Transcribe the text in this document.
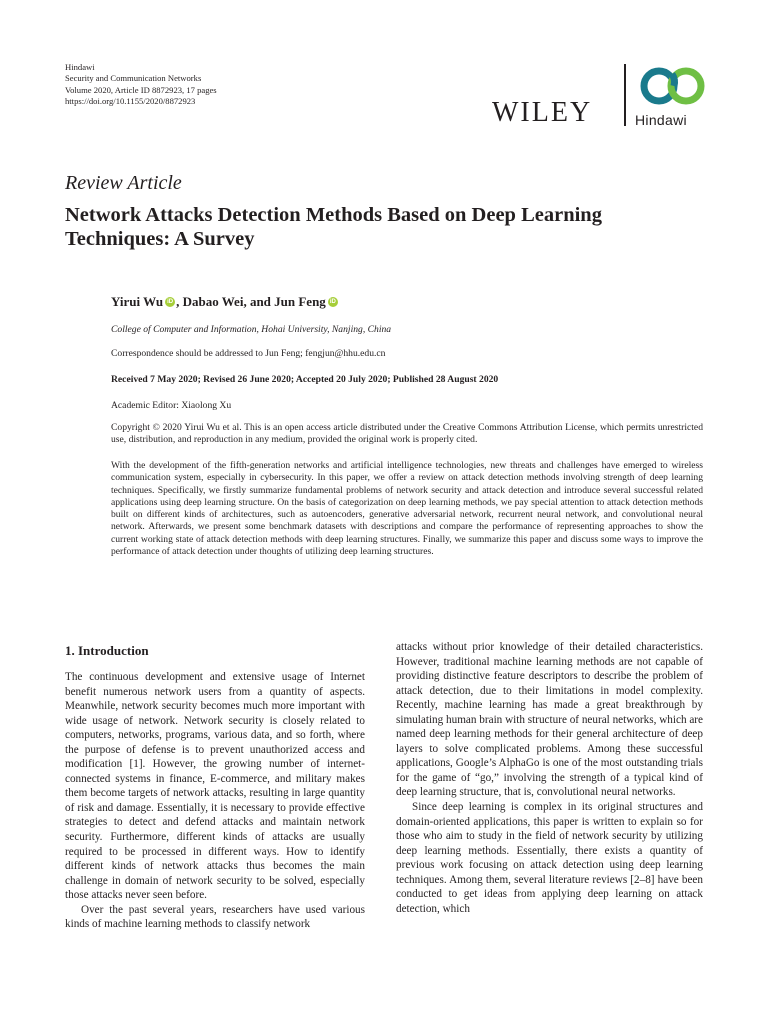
Hindawi
Security and Communication Networks
Volume 2020, Article ID 8872923, 17 pages
https://doi.org/10.1155/2020/8872923	WILEY	Hindawi
Review Article
Network Attacks Detection Methods Based on Deep Learning Techniques: A Survey
Yirui Wu iD , Dabao Wei, and Jun Feng iD
College of Computer and Information, Hohai University, Nanjing, China
Correspondence should be addressed to Jun Feng; fengjun@hhu.edu.cn
Received 7 May 2020; Revised 26 June 2020; Accepted 20 July 2020; Published 28 August 2020
Academic Editor: Xiaolong Xu
Copyright © 2020 Yirui Wu et al. This is an open access article distributed under the Creative Commons Attribution License, which permits unrestricted use, distribution, and reproduction in any medium, provided the original work is properly cited.
With the development of the fifth-generation networks and artificial intelligence technologies, new threats and challenges have emerged to wireless communication system, especially in cybersecurity. In this paper, we offer a review on attack detection methods involving strength of deep learning techniques. Specifically, we firstly summarize fundamental problems of network security and attack detection and introduce several successful related applications using deep learning structure. On the basis of categorization on deep learning methods, we pay special attention to attack detection methods built on different kinds of architectures, such as autoencoders, generative adversarial network, recurrent neural network, and convolutional neural network. Afterwards, we present some benchmark datasets with descriptions and compare the performance of representing approaches to show the current working state of attack detection methods with deep learning structures. Finally, we summarize this paper and discuss some ways to improve the performance of attack detection under thoughts of utilizing deep learning structures.
1. Introduction

The continuous development and extensive usage of Internet benefit numerous network users from a quantity of aspects. Meanwhile, network security becomes much more important with wide usage of network. Network security is closely related to computers, networks, programs, various data, and so forth, where the purpose of defense is to prevent unauthorized access and modification [1]. However, the growing number of internet-connected systems in finance, E-commerce, and military makes them become targets of network attacks, resulting in large quantity of risk and damage. Essentially, it is necessary to provide effective strategies to detect and defend attacks and maintain network security. Furthermore, different kinds of attacks are usually required to be processed in different ways. How to identify different kinds of network attacks thus becomes the main challenge in domain of network security to be solved, especially those attacks never seen before.

Over the past several years, researchers have used various kinds of machine learning methods to classify network

attacks without prior knowledge of their detailed characteristics. However, traditional machine learning methods are not capable of providing distinctive feature descriptors to describe the problem of attack detection, due to their limitations in model complexity. Recently, machine learning has made a great breakthrough by simulating human brain with structure of neural networks, which are named deep learning methods for their general architecture of deep layers to solve complicated problems. Among these successful applications, Google’s AlphaGo is one of the most outstanding trials for the game of “go,” involving the strength of a typical kind of deep learning structure, that is, convolutional neural networks.

Since deep learning is complex in its original structures and domain-oriented applications, this paper is written to explain so for those who aim to study in the field of network security by utilizing deep learning methods. Essentially, there exists a quantity of previous work focusing on attack detection using deep learning techniques. Among them, several literature reviews [2–8] have been conducted to get ideas from applying deep learning on attack detection, which
